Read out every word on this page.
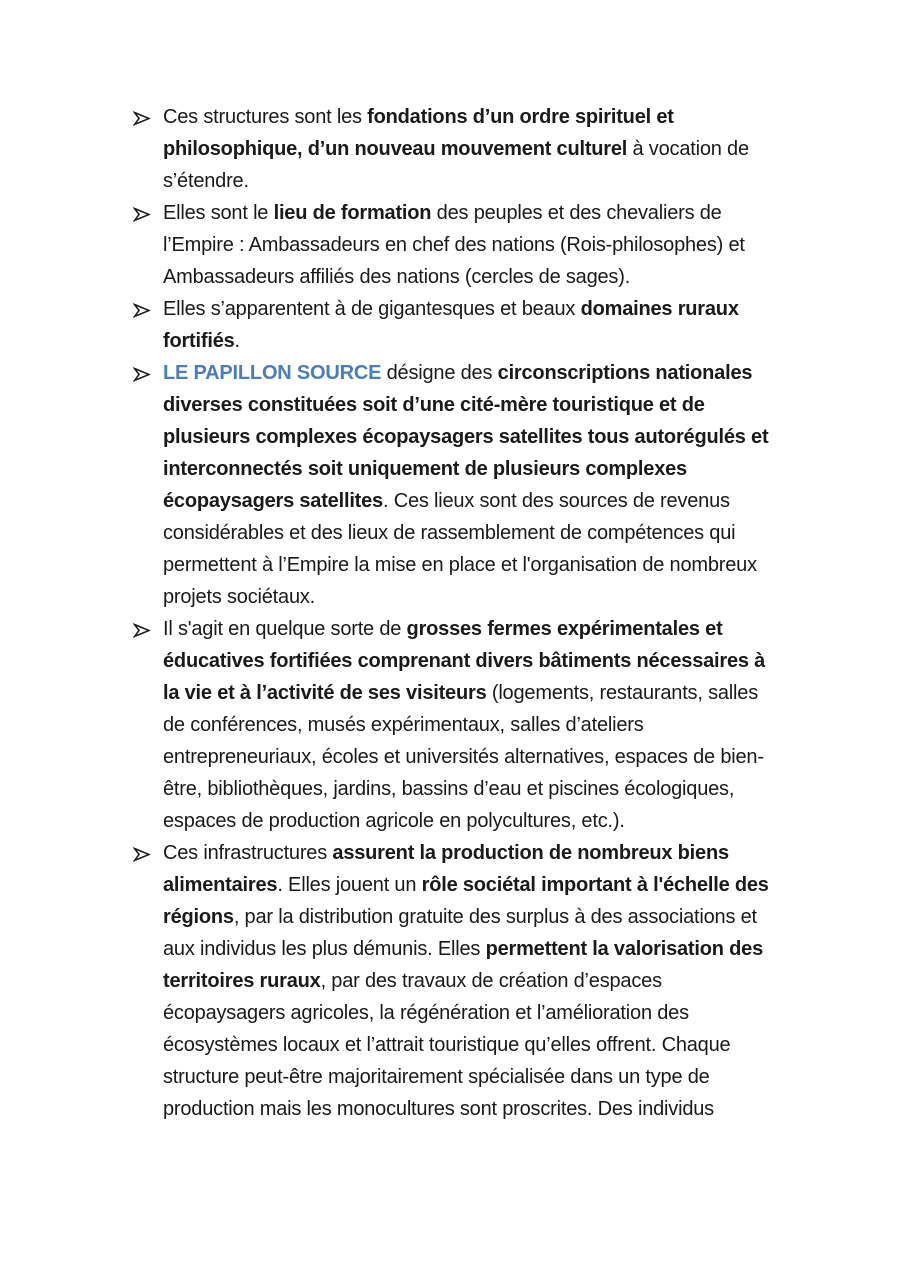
Ces structures sont les fondations d’un ordre spirituel et
philosophique, d’un nouveau mouvement culturel à vocation de
s’étendre.
Elles sont le lieu de formation des peuples et des chevaliers de
l’Empire : Ambassadeurs en chef des nations (Rois-philosophes) et
Ambassadeurs affiliés des nations (cercles de sages).
Elles s’apparentent à de gigantesques et beaux domaines ruraux
fortifiés.
LE PAPILLON SOURCE désigne des circonscriptions nationales
diverses constituées soit d’une cité-mère touristique et de
plusieurs complexes écopaysagers satellites tous autorégulés et
interconnectés soit uniquement de plusieurs complexes
écopaysagers satellites. Ces lieux sont des sources de revenus
considérables et des lieux de rassemblement de compétences qui
permettent à l’Empire la mise en place et l'organisation de nombreux
projets sociétaux.
Il s'agit en quelque sorte de grosses fermes expérimentales et
éducatives fortifiées comprenant divers bâtiments nécessaires à
la vie et à l’activité de ses visiteurs (logements, restaurants, salles
de conférences, musés expérimentaux, salles d’ateliers
entrepreneuriaux, écoles et universités alternatives, espaces de bien-
être, bibliothèques, jardins, bassins d’eau et piscines écologiques,
espaces de production agricole en polycultures, etc.).
Ces infrastructures assurent la production de nombreux biens
alimentaires. Elles jouent un rôle sociétal important à l'échelle des
régions, par la distribution gratuite des surplus à des associations et
aux individus les plus démunis. Elles permettent la valorisation des
territoires ruraux, par des travaux de création d’espaces
écopaysagers agricoles, la régénération et l’amélioration des
écosystèmes locaux et l’attrait touristique qu’elles offrent. Chaque
structure peut-être majoritairement spécialisée dans un type de
production mais les monocultures sont proscrites. Des individus
